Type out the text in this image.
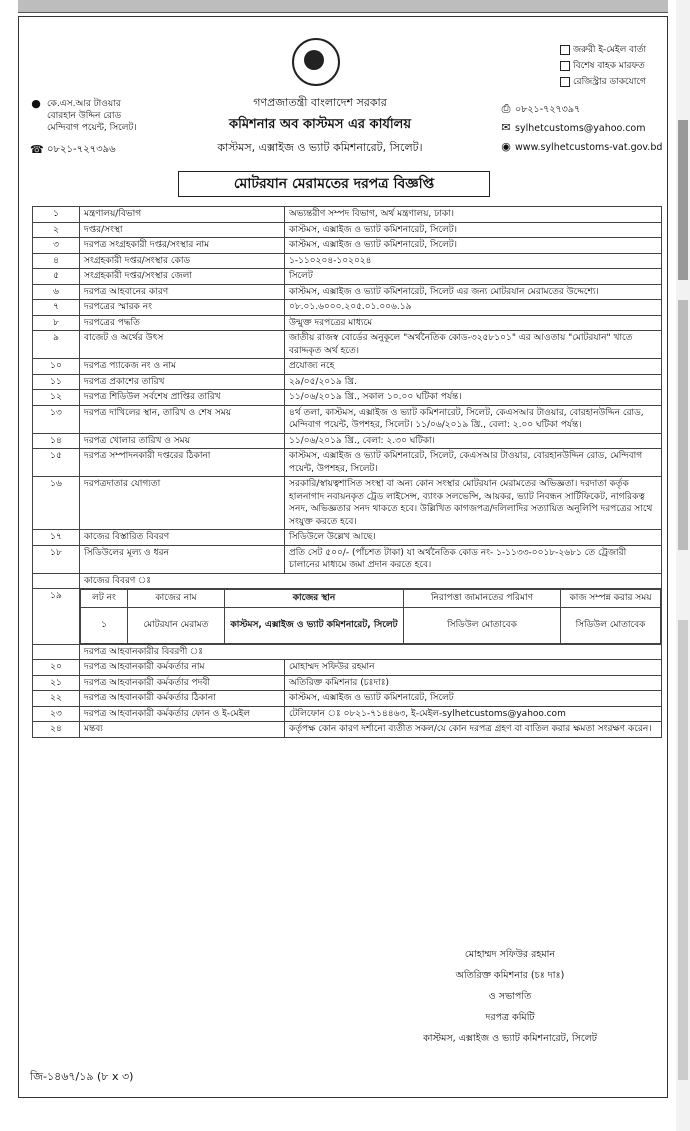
● কে.এস.আর টাওয়ার
বোরহান উদ্দিন রোড
মেন্দিবাগ পয়েন্ট, সিলেট।
☎ ০৮২১-৭২৭৩৯৬
গণপ্রজাতন্ত্রী বাংলাদেশ সরকার
কমিশনার অব কাস্টমস এর কার্যালয়
কাস্টমস, এক্সাইজ ও ভ্যাট কমিশনারেট, সিলেট।
জরুরী ই-মেইল বার্তা
বিশেষ বাহক মারফত
রেজিস্ট্রার ডাকযোগে
⎙ ০৮২১-৭২৭৩৯৭
✉ sylhetcustoms@yahoo.com
◉ www.sylhetcustoms-vat.gov.bd
মোটরযান মেরামতের দরপত্র বিজ্ঞপ্তি
১	মন্ত্রণালয়/বিভাগ	অভ্যন্তরীণ সম্পদ বিভাগ, অর্থ মন্ত্রণালয়, ঢাকা।
২	দপ্তর/সংস্থা	কাস্টমস, এক্সাইজ ও ভ্যাট কমিশনারেট, সিলেট।
৩	দরপত্র সংগ্রহকারী দপ্তর/সংস্থার নাম	কাস্টমস, এক্সাইজ ও ভ্যাট কমিশনারেট, সিলেট।
৪	সংগ্রহকারী দপ্তর/সংস্থার কোড	১-১১০২০৪-১০২০২৪
৫	সংগ্রহকারী দপ্তর/সংস্থার জেলা	সিলেট
৬	দরপত্র আহবানের কারণ	কাস্টমস, এক্সাইজ ও ভ্যাট কমিশনারেট, সিলেট এর জন্য মোটরযান মেরামতের উদ্দেশ্যে।
৭	দরপত্রের স্মারক নং	০৮.০১.৬০০০.২০৫.০১.০০৬.১৯
৮	দরপত্রের পদ্ধতি	উন্মুক্ত দরপত্রের মাধ্যমে
৯	বাজেট ও অর্থের উৎস	জাতীয় রাজস্ব বোর্ডের অনুকূলে "অর্থনৈতিক কোড-৩২৫৮১০১" এর আওতায় "মোটরযান" খাতে বরাদ্দকৃত অর্থ হতে।
১০	দরপত্র প্যাকেজ নং ও নাম	প্রযোজ্য নহে
১১	দরপত্র প্রকাশের তারিখ	২৯/০৫/২০১৯ খ্রি.
১২	দরপত্র শিডিউল সর্বশেষ প্রাপ্তির তারিখ	১১/০৬/২০১৯ খ্রি., সকাল ১০.০০ ঘটিকা পর্যন্ত।
১৩	দরপত্র দাখিলের স্থান, তারিখ ও শেষ সময়	৪র্থ তলা, কাস্টমস, এক্সাইজ ও ভ্যাট কমিশনারেট, সিলেট, কেএসআর টাওয়ার, বোরহানউদ্দিন রোড, মেন্দিবাগ পয়েন্ট, উপশহর, সিলেট। ১১/০৬/২০১৯ খ্রি., বেলা: ২.০০ ঘটিকা পর্যন্ত।
১৪	দরপত্র খোলার তারিখ ও সময়	১১/০৬/২০১৯ খ্রি., বেলা: ২.৩০ ঘটিকা।
১৫	দরপত্র সম্পাদনকারী দপ্তরের ঠিকানা	কাস্টমস, এক্সাইজ ও ভ্যাট কমিশনারেট, সিলেট, কেএসআর টাওয়ার, বোরহানউদ্দিন রোড, মেন্দিবাগ পয়েন্ট, উপশহর, সিলেট।
১৬	দরপত্রদাতার যোগ্যতা	সরকারি/স্বায়ত্বশাসিত সংস্থা বা অন্য কোন সংস্থার মোটরযান মেরামতের অভিজ্ঞতা। দরদাতা কর্তৃক হালনাগাদ নবায়নকৃত ট্রেড লাইসেন্স, ব্যাংক সলভেন্সি, আয়কর, ভ্যাট নিবন্ধন সার্টিফিকেট, নাগরিকত্ব সনদ, অভিজ্ঞতার সনদ থাকতে হবে। উল্লিখিত কাগজপত্র/দলিলাদির সত্যায়িত অনুলিপি দরপত্রের সাথে সংযুক্ত করতে হবে।
১৭	কাজের বিস্তারিত বিবরণ	সিডিউলে উল্লেখ আছে।
১৮	সিডিউলের মূল্য ও ধরন	প্রতি সেট ৫০০/- (পাঁচশত টাকা) যা অর্থনৈতিক কোড নং- ১-১১৩৩-০০১৮-২৬৮১ তে ট্রেজারী চালানের মাধ্যমে জমা প্রদান করতে হবে।
	কাজের বিবরণ ঃ
১৯		লট নং	কাজের নাম	কাজের স্থান	নিরাপত্তা জামানতের পরিমাণ	কাজ সম্পন্ন করার সময়
১	মোটরযান মেরামত	কাস্টমস, এক্সাইজ ও ভ্যাট কমিশনারেট, সিলেট	সিডিউল মোতাবেক	সিডিউল মোতাবেক

	দরপত্র আহবানকারীর বিবরণী ঃ
২০	দরপত্র আহবানকারী কর্মকর্তার নাম	মোহাম্মদ সফিউর রহমান
২১	দরপত্র আহবানকারী কর্মকর্তার পদবী	অতিরিক্ত কমিশনার (চঃদাঃ)
২২	দরপত্র আহবানকারী কর্মকর্তার ঠিকানা	কাস্টমস, এক্সাইজ ও ভ্যাট কমিশনারেট, সিলেট
২৩	দরপত্র আহবানকারী কর্মকর্তার ফোন ও ই-মেইল	টেলিফোন ঃ ০৮২১-৭১৪৪৬৩, ই-মেইল-sylhetcustoms@yahoo.com
২৪	মন্তব্য	কর্তৃপক্ষ কোন কারণ দর্শানো ব্যতীত সকল/যে কোন দরপত্র গ্রহণ বা বাতিল করার ক্ষমতা সংরক্ষণ করেন।
মোহাম্মদ সফিউর রহমান
অতিরিক্ত কমিশনার (চঃ দাঃ)
ও সভাপতি
দরপত্র কমিটি
কাস্টমস, এক্সাইজ ও ভ্যাট কমিশনারেট, সিলেট
জি-১৪৬৭/১৯ (৮ x ৩)
